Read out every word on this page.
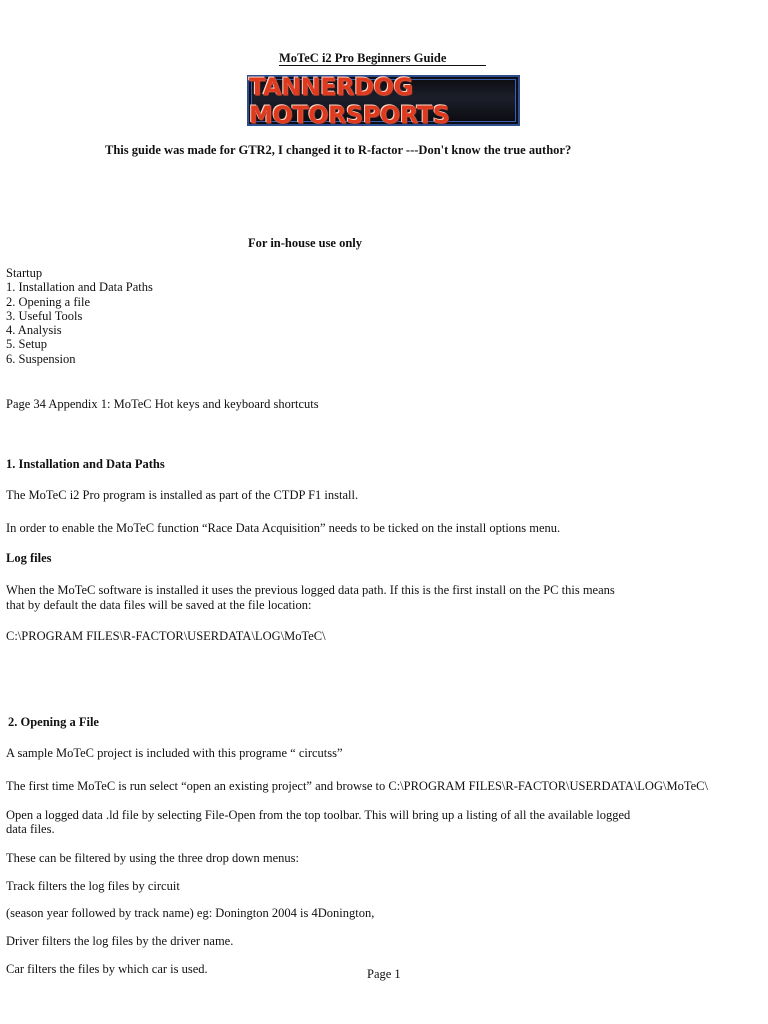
MoTeC i2 Pro Beginners Guide
TANNERDOG MOTORSPORTS
This guide was made for GTR2, I changed it to R-factor ---Don't know the true author?
For in-house use only
Startup
1. Installation and Data Paths
2. Opening a file
3. Useful Tools
4. Analysis
5. Setup
6. Suspension
Page 34 Appendix 1: MoTeC Hot keys and keyboard shortcuts
1. Installation and Data Paths
The MoTeC i2 Pro program is installed as part of the CTDP F1 install.
In order to enable the MoTeC function “Race Data Acquisition” needs to be ticked on the install options menu.
Log files
When the MoTeC software is installed it uses the previous logged data path. If this is the first install on the PC this means
that by default the data files will be saved at the file location:
C:\PROGRAM FILES\R-FACTOR\USERDATA\LOG\MoTeC\
2. Opening a File
A sample MoTeC project is included with this programe “ circutss”
The first time MoTeC is run select “open an existing project” and browse to C:\PROGRAM FILES\R-FACTOR\USERDATA\LOG\MoTeC\
Open a logged data .ld file by selecting File-Open from the top toolbar. This will bring up a listing of all the available logged
data files.
These can be filtered by using the three drop down menus:
Track filters the log files by circuit
(season year followed by track name) eg: Donington 2004 is 4Donington,
Driver filters the log files by the driver name.
Car filters the files by which car is used.	Page 1
